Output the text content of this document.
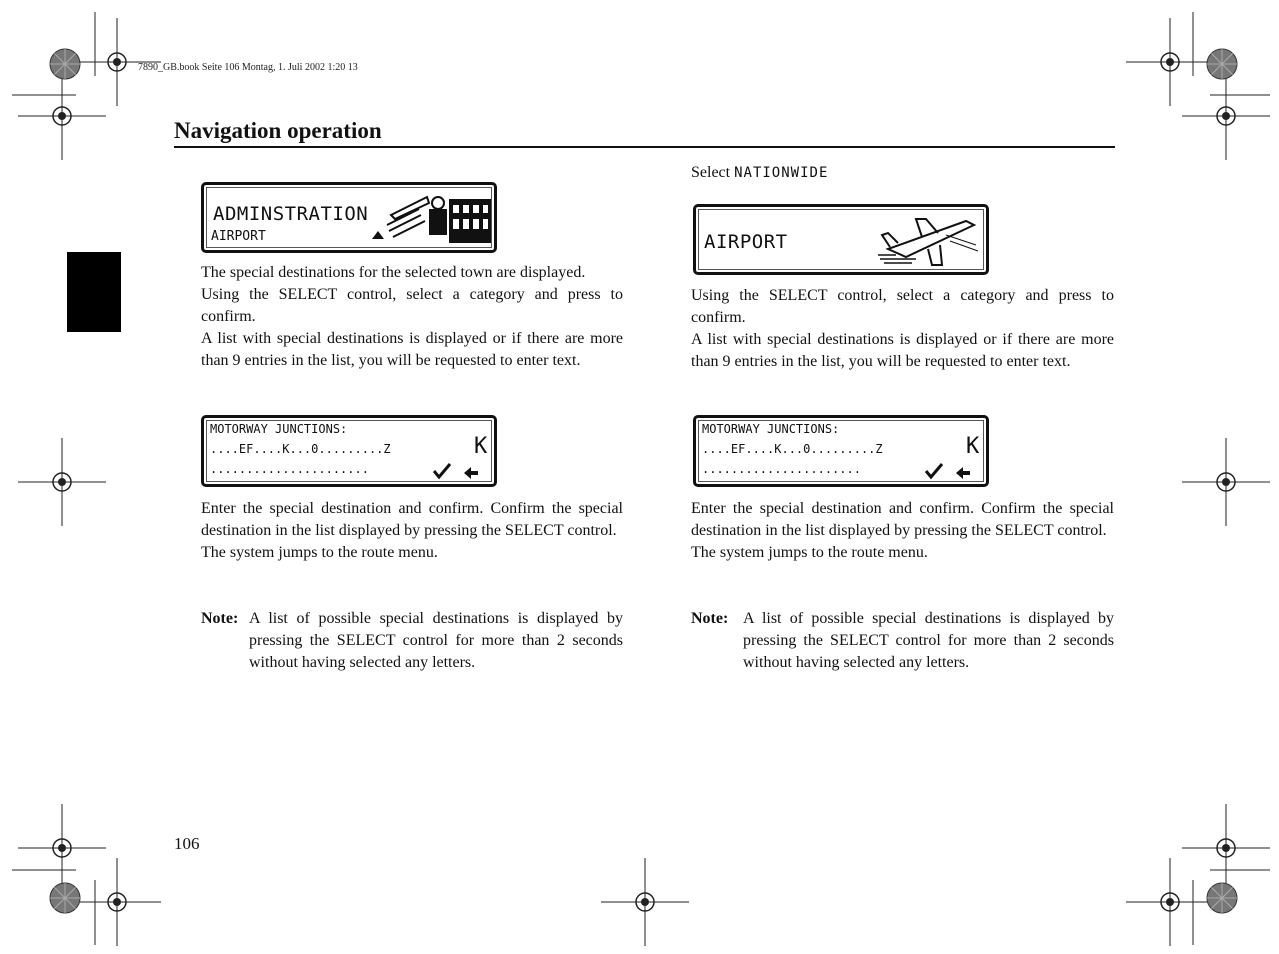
7890_GB.book Seite 106 Montag, 1. Juli 2002 1:20 13
Navigation operation
ADMINSTRATION
AIRPORT

The special destinations for the selected town are displayed.

Using the SELECT control, select a category and press to confirm.

A list with special destinations is displayed or if there are more than 9 entries in the list, you will be requested to enter text.

MOTORWAY JUNCTIONS:
....EF....K...0.........Z
......................
K

Enter the special destination and confirm. Confirm the special destination in the list displayed by pressing the SELECT control.

The system jumps to the route menu.

Note: A list of possible special destinations is displayed by pressing the SELECT control for more than 2 seconds without having selected any letters.
Select NATIONWIDE
AIRPORT

Using the SELECT control, select a category and press to confirm.

A list with special destinations is displayed or if there are more than 9 entries in the list, you will be requested to enter text.

MOTORWAY JUNCTIONS:
....EF....K...0.........Z
......................
K

Enter the special destination and confirm. Confirm the special destination in the list displayed by pressing the SELECT control.

The system jumps to the route menu.

Note: A list of possible special destinations is displayed by pressing the SELECT control for more than 2 seconds without having selected any letters.
106
